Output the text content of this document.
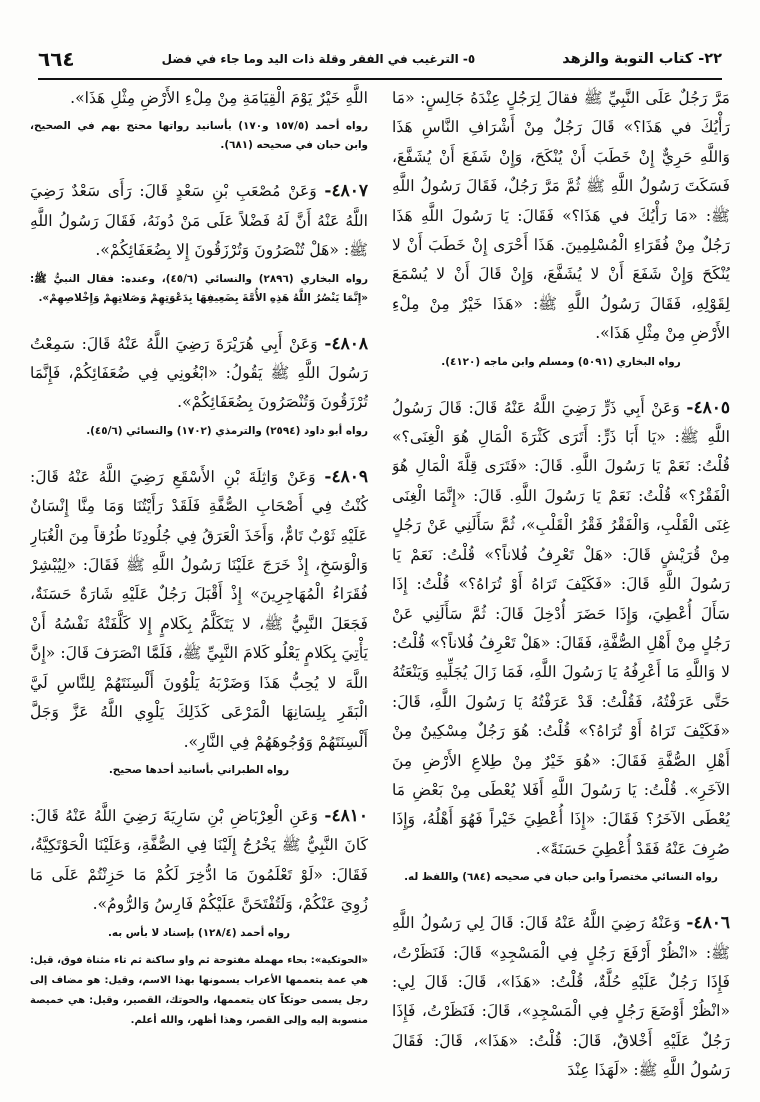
٢٢- كتاب التوبة والزهد
٥- الترغيب في الفقر وقلة ذات اليد وما جاء في فضل
٦٦٤

مَرَّ رَجُلٌ عَلَى النَّبِيِّ ﷺ فقالَ لِرَجُلٍ عِنْدَهُ جَالِسٍ: «مَا رَأْيُكَ في هَذَا؟» قَالَ رَجُلٌ مِنْ أَشْرَافِ النَّاسِ هَذَا وَاللَّهِ حَرِيٌّ إِنْ خَطَبَ أَنْ يُنْكَحَ، وَإِنْ شَفَعَ أَنْ يُشَفَّعَ، فَسَكَتَ رَسُولُ اللَّهِ ﷺ ثُمَّ مَرَّ رَجُلٌ، فَقَالَ رَسُولُ اللَّهِ ﷺ: «مَا رَأْيُكَ في هَذَا؟» فَقَالَ: يَا رَسُولَ اللَّهِ هَذَا رَجُلٌ مِنْ فُقَرَاءِ الْمُسْلِمِينَ. هَذَا أَحْرَى إِنْ خَطَبَ أَنْ لا يُنْكَحَ وَإِنْ شَفَعَ أَنْ لا يُشَفَّعَ، وَإِنْ قَالَ أَنْ لا يُسْمَعَ لِقَوْلِهِ، فَقَالَ رَسُولُ اللَّهِ ﷺ: «هَذَا خَيْرٌ مِنْ مِلْءِ الأَرْضِ مِنْ مِثْلِ هَذَا».

رواه البخاري (٥٠٩١) ومسلم وابن ماجه (٤١٢٠).

٤٨٠٥- وَعَنْ أَبِي ذَرٍّ رَضِيَ اللَّهُ عَنْهُ قَالَ: قَالَ رَسُولُ اللَّهِ ﷺ: «يَا أَبَا ذَرٍّ: أَتَرَى كَثْرَةَ الْمَالِ هُوَ الْغِنَى؟» قُلْتُ: نَعَمْ يَا رَسُولَ اللَّهِ. قَالَ: «فَتَرَى قِلَّةَ الْمَالِ هُوَ الْفَقْرُ؟» قُلْتُ: نَعَمْ يَا رَسُولَ اللَّهِ. قَالَ: «إِنَّمَا الْغِنَى غِنَى الْقَلْبِ، وَالْفَقْرُ فَقْرُ الْقَلْبِ»، ثُمَّ سَأَلَنِي عَنْ رَجُلٍ مِنْ قُرَيْشٍ قَالَ: «هَلْ تَعْرِفُ فُلاناً؟» قُلْتُ: نَعَمْ يَا رَسُولَ اللَّهِ قَالَ: «فَكَيْفَ تَرَاهُ أَوْ تُرَاهُ؟» قُلْتُ: إِذَا سَأَلَ أُعْطِيَ، وَإِذَا حَضَرَ أُدْخِلَ قَالَ: ثُمَّ سَأَلَنِي عَنْ رَجُلٍ مِنْ أَهْلِ الصُّفَّةِ، فَقَالَ: «هَلْ تَعْرِفُ فُلاناً؟» قُلْتُ: لا وَاللَّهِ مَا أَعْرِفُهُ يَا رَسُولَ اللَّهِ، فَمَا زَالَ يُجَلِّيهِ وَيَنْعَتُهُ حَتَّى عَرَفْتُهُ، فَقُلْتُ: قَدْ عَرَفْتُهُ يَا رَسُولَ اللَّهِ، قَالَ: «فَكَيْفَ تَرَاهُ أَوْ تُرَاهُ؟» قُلْتُ: هُوَ رَجُلٌ مِسْكِينٌ مِنْ أَهْلِ الصُّفَّةِ فَقَالَ: «هُوَ خَيْرٌ مِنْ طِلاعِ الأَرْضِ مِنَ الآخَرِ». قُلْتُ: يَا رَسُولَ اللَّهِ أَفَلا يُعْطَى مِنْ بَعْضِ مَا يُعْطَى الآخَرُ؟ فَقَالَ: «إِذَا أُعْطِيَ خَيْراً فَهُوَ أَهْلُهُ، وَإِذَا صُرِفَ عَنْهُ فَقَدْ أُعْطِيَ حَسَنَةً».

رواه النسائي مختصراً وابن حبان في صحيحه (٦٨٤) واللفظ له.

٤٨٠٦- وَعَنْهُ رَضِيَ اللَّهُ عَنْهُ قَالَ: قَالَ لِي رَسُولُ اللَّهِ ﷺ: «انْظُرْ أَرْفَعَ رَجُلٍ فِي الْمَسْجِدِ» قَالَ: فَنَظَرْتُ، فَإِذَا رَجُلٌ عَلَيْهِ حُلَّةٌ، قُلْتُ: «هَذَا»، قَالَ: قَالَ لِي: «انْظُرْ أَوْضَعَ رَجُلٍ فِي الْمَسْجِدِ»، قَالَ: فَنَظَرْتُ، فَإِذَا رَجُلٌ عَلَيْهِ أَخْلاقٌ، قَالَ: قُلْتُ: «هَذَا»، قَالَ: فَقَالَ رَسُولُ اللَّهِ ﷺ: «لَهَذَا عِنْدَ

اللَّهِ خَيْرٌ يَوْمَ الْقِيَامَةِ مِنْ مِلْءِ الأَرْضِ مِثْلِ هَذَا».

رواه أحمد (١٥٧/٥ و١٧٠) بأسانيد رواتها محتج بهم في الصحيح، وابن حبان في صحيحه (٦٨١).

٤٨٠٧- وَعَنْ مُصْعَبِ بْنِ سَعْدٍ قَالَ: رَأَى سَعْدٌ رَضِيَ اللَّهُ عَنْهُ أَنَّ لَهُ فَضْلاً عَلَى مَنْ دُونَهُ، فَقَالَ رَسُولُ اللَّهِ ﷺ: «هَلْ تُنْصَرُونَ وَتُرْزَقُونَ إِلا بِضُعَفَائِكُمْ».

رواه البخاري (٢٨٩٦) والنسائي (٤٥/٦)، وعنده: فقال النبيُّ ﷺ: «إِنَّمَا يَنْصُرُ اللَّهُ هَذِهِ الأُمَّةَ بِضَعِيفِهَا بِدَعْوَتِهِمْ وَصَلاتِهِمْ وَإِخْلاصِهِمْ».

٤٨٠٨- وَعَنْ أَبِي هُرَيْرَةَ رَضِيَ اللَّهُ عَنْهُ قَالَ: سَمِعْتُ رَسُولَ اللَّهِ ﷺ يَقُولُ: «ابْغُونِي فِي ضُعَفَائِكُمْ، فَإِنَّمَا تُرْزَقُونَ وَتُنْصَرُونَ بِضُعَفَائِكُمْ».

رواه أبو داود (٢٥٩٤) والترمذي (١٧٠٢) والنسائي (٤٥/٦).

٤٨٠٩- وَعَنْ وَاثِلَةَ بْنِ الأَسْقَعِ رَضِيَ اللَّهُ عَنْهُ قَالَ: كُنْتُ فِي أَصْحَابِ الصُّفَّةِ فَلَقَدْ رَأَيْتُنَا وَمَا مِنَّا إِنْسَانٌ عَلَيْهِ ثَوْبٌ تَامٌّ، وَأَخَذَ الْعَرَقُ فِي جُلُودِنَا طُرُقاً مِنَ الْغُبَارِ وَالْوَسَخِ، إِذْ خَرَجَ عَلَيْنَا رَسُولُ اللَّهِ ﷺ فَقَالَ: «لِيُبْشِرْ فُقَرَاءُ الْمُهَاجِرِينَ» إِذْ أَقْبَلَ رَجُلٌ عَلَيْهِ شَارَةٌ حَسَنَةٌ، فَجَعَلَ النَّبِيُّ ﷺ، لا يَتَكَلَّمُ بِكَلامٍ إِلا كَلَّفَتْهُ نَفْسُهُ أَنْ يَأْتِيَ بِكَلامٍ يَعْلُو كَلامَ النَّبِيِّ ﷺ، فَلَمَّا انْصَرَفَ قَالَ: «إِنَّ اللَّهَ لا يُحِبُّ هَذَا وَضَرْبَهُ يَلْوُونَ أَلْسِنَتَهُمْ لِلنَّاسِ لَيَّ الْبَقَرِ بِلِسَانِهَا الْمَرْعَى كَذَلِكَ يَلْوِي اللَّهُ عَزَّ وَجَلَّ أَلْسِنَتَهُمْ وَوُجُوهَهُمْ فِي النَّارِ».

رواه الطبراني بأسانيد أحدها صحيح.

٤٨١٠- وَعَنِ الْعِرْبَاضِ بْنِ سَارِيَةَ رَضِيَ اللَّهُ عَنْهُ قَالَ: كَانَ النَّبِيُّ ﷺ يَخْرُجُ إِلَيْنَا فِي الصُّفَّةِ، وَعَلَيْنَا الْحَوْتَكِيَّةُ، فَقَالَ: «لَوْ تَعْلَمُونَ مَا ادُّخِرَ لَكُمْ مَا حَزِنْتُمْ عَلَى مَا زُوِيَ عَنْكُمْ، وَلَتُفْتَحَنَّ عَلَيْكُمْ فَارِسُ وَالرُّومُ».

رواه أحمد (١٢٨/٤) بإسناد لا بأس به.

«الحوتكية»: بحاء مهملة مفتوحة ثم واو ساكنة ثم تاء مثناة فوق، قيل: هي عمة يتعممها الأعراب يسمونها بهذا الاسم، وقيل: هو مضاف إلى رجل يسمى حوتكاً كان يتعممها، والحوتك، القصير، وقيل: هي خميصة منسوبة إليه وإلى القصر، وهذا أظهر، والله أعلم.
